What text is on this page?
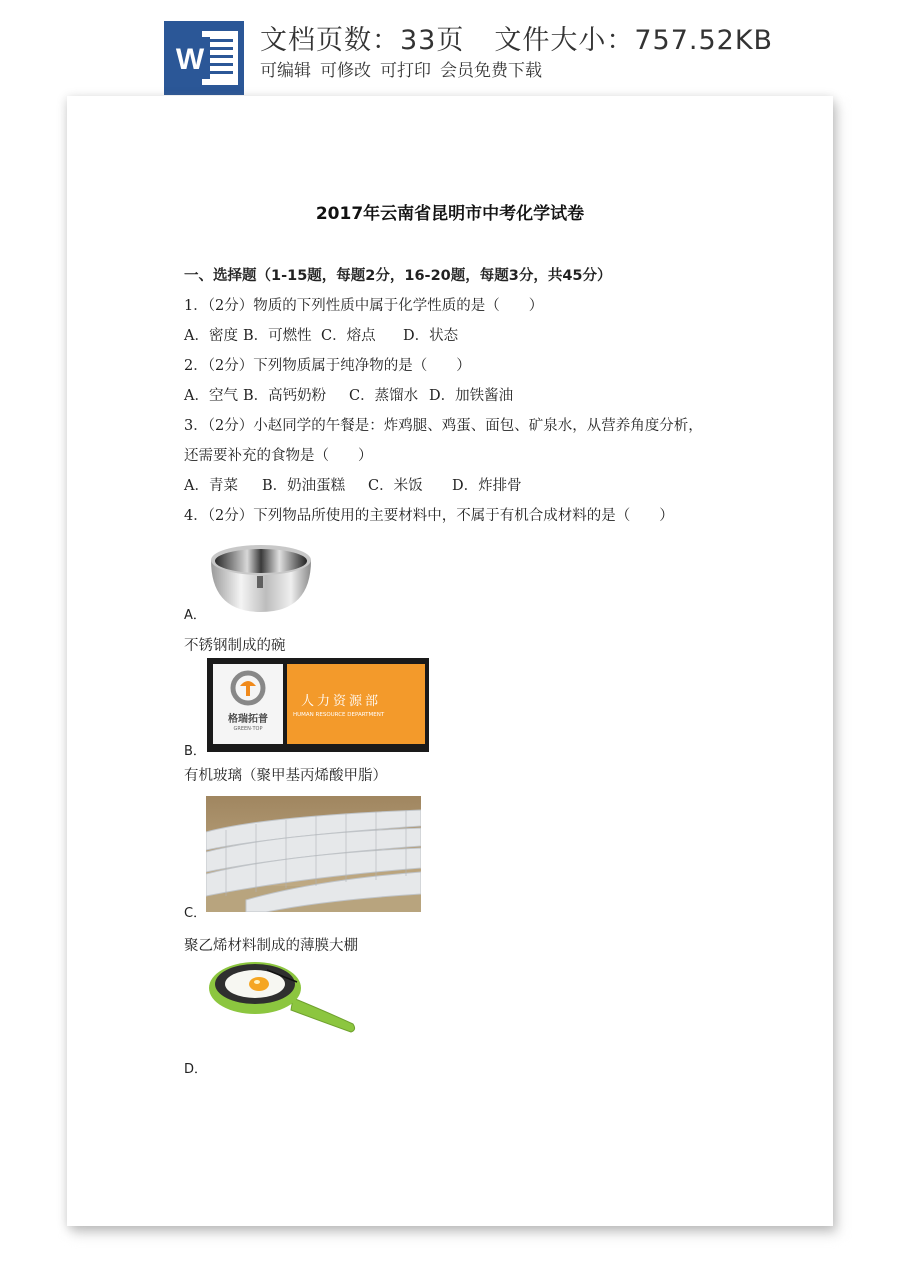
W
文档页数：33页 文件大小：757.52KB
可编辑 可修改 可打印 会员免费下载
2017年云南省昆明市中考化学试卷
一、选择题（1-15题，每题2分，16-20题，每题3分，共45分）
1．（2分）物质的下列性质中属于化学性质的是（　　）
A．密度 B．可燃性 C．熔点 D．状态
2．（2分）下列物质属于纯净物的是（　　）
A．空气 B．高钙奶粉 C．蒸馏水 D．加铁酱油
3．（2分）小赵同学的午餐是：炸鸡腿、鸡蛋、面包、矿泉水，从营养角度分析，
还需要补充的食物是（　　）
A．青菜 B．奶油蛋糕 C．米饭 D．炸排骨
4．（2分）下列物品所使用的主要材料中，不属于有机合成材料的是（　　）
A．
不锈钢制成的碗
格瑞拓普
GREEN·TOP
人力资源部
HUMAN RESOURCE DEPARTMENT
B．
有机玻璃（聚甲基丙烯酸甲脂）
C．
聚乙烯材料制成的薄膜大棚
D．
